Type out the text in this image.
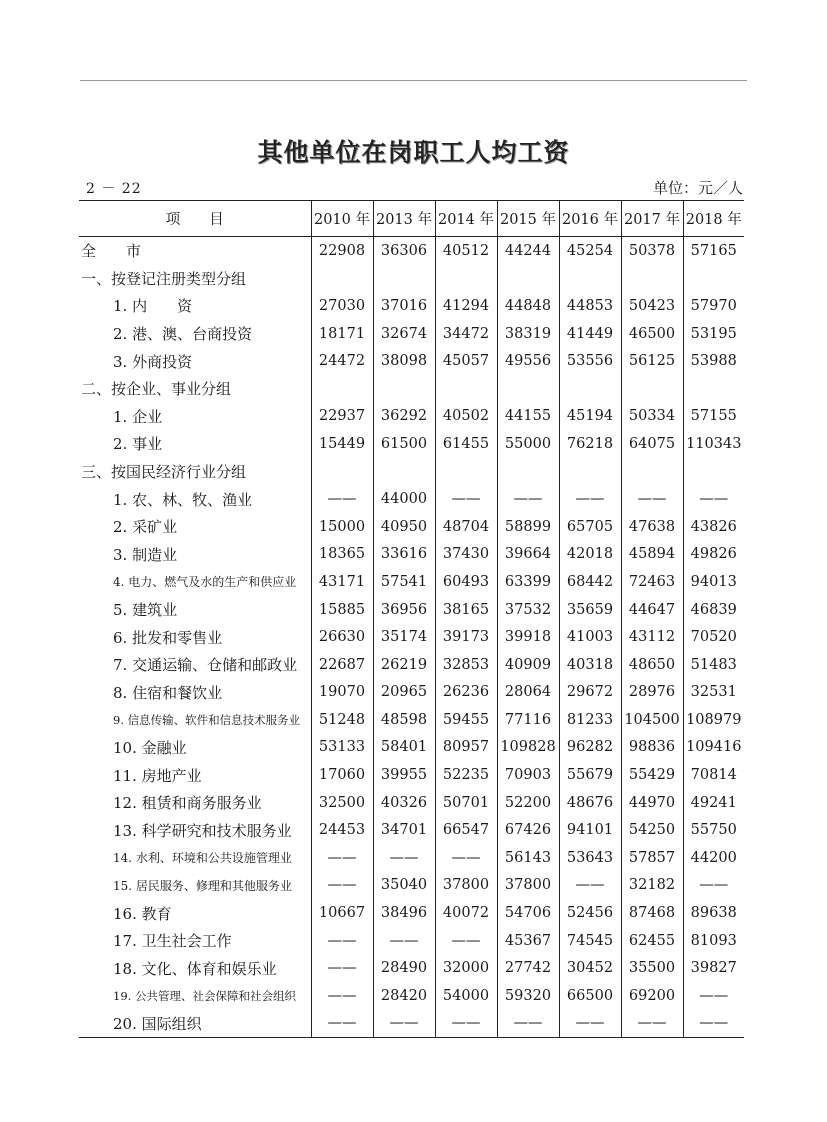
其他单位在岗职工人均工资
2 － 22	单位：元／人
项　　目	2010 年	2013 年	2014 年	2015 年	2016 年	2017 年	2018 年
全　　市	22908	36306	40512	44244	45254	50378	57165
一、按登记注册类型分组							
1. 内　　资	27030	37016	41294	44848	44853	50423	57970
2. 港、澳、台商投资	18171	32674	34472	38319	41449	46500	53195
3. 外商投资	24472	38098	45057	49556	53556	56125	53988
二、按企业、事业分组							
1. 企业	22937	36292	40502	44155	45194	50334	57155
2. 事业	15449	61500	61455	55000	76218	64075	110343
三、按国民经济行业分组							
1. 农、林、牧、渔业	——	44000	——	——	——	——	——
2. 采矿业	15000	40950	48704	58899	65705	47638	43826
3. 制造业	18365	33616	37430	39664	42018	45894	49826
4. 电力、燃气及水的生产和供应业	43171	57541	60493	63399	68442	72463	94013
5. 建筑业	15885	36956	38165	37532	35659	44647	46839
6. 批发和零售业	26630	35174	39173	39918	41003	43112	70520
7. 交通运输、仓储和邮政业	22687	26219	32853	40909	40318	48650	51483
8. 住宿和餐饮业	19070	20965	26236	28064	29672	28976	32531
9. 信息传输、软件和信息技术服务业	51248	48598	59455	77116	81233	104500	108979
10. 金融业	53133	58401	80957	109828	96282	98836	109416
11. 房地产业	17060	39955	52235	70903	55679	55429	70814
12. 租赁和商务服务业	32500	40326	50701	52200	48676	44970	49241
13. 科学研究和技术服务业	24453	34701	66547	67426	94101	54250	55750
14. 水利、环境和公共设施管理业	——	——	——	56143	53643	57857	44200
15. 居民服务、修理和其他服务业	——	35040	37800	37800	——	32182	——
16. 教育	10667	38496	40072	54706	52456	87468	89638
17. 卫生社会工作	——	——	——	45367	74545	62455	81093
18. 文化、体育和娱乐业	——	28490	32000	27742	30452	35500	39827
19. 公共管理、社会保障和社会组织	——	28420	54000	59320	66500	69200	——
20. 国际组织	——	——	——	——	——	——	——
